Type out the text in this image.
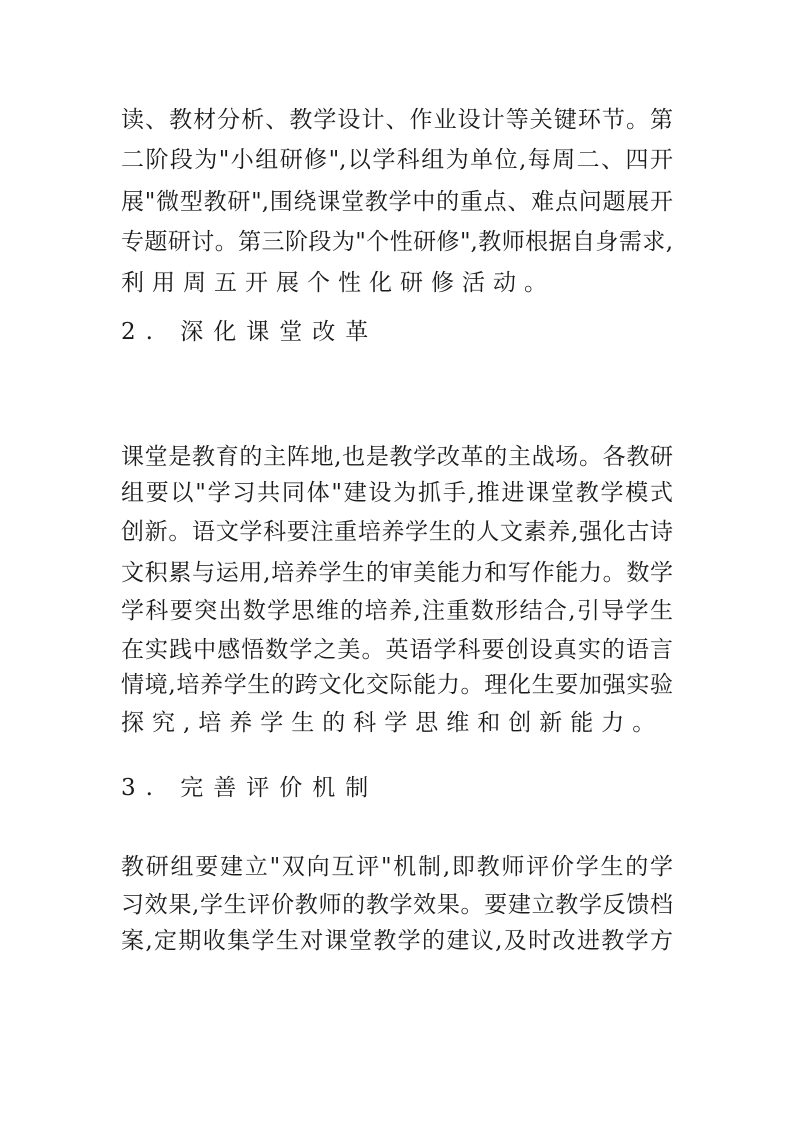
读、教材分析、教学设计、作业设计等关键环节。第
二阶段为"小组研修",以学科组为单位,每周二、四开
展"微型教研",围绕课堂教学中的重点、难点问题展开
专题研讨。第三阶段为"个性研修",教师根据自身需求,
利用周五开展个性化研修活动。
2. 深化课堂改革
课堂是教育的主阵地,也是教学改革的主战场。各教研
组要以"学习共同体"建设为抓手,推进课堂教学模式
创新。语文学科要注重培养学生的人文素养,强化古诗
文积累与运用,培养学生的审美能力和写作能力。数学
学科要突出数学思维的培养,注重数形结合,引导学生
在实践中感悟数学之美。英语学科要创设真实的语言
情境,培养学生的跨文化交际能力。理化生要加强实验
探究,培养学生的科学思维和创新能力。
3. 完善评价机制
教研组要建立"双向互评"机制,即教师评价学生的学
习效果,学生评价教师的教学效果。要建立教学反馈档
案,定期收集学生对课堂教学的建议,及时改进教学方
